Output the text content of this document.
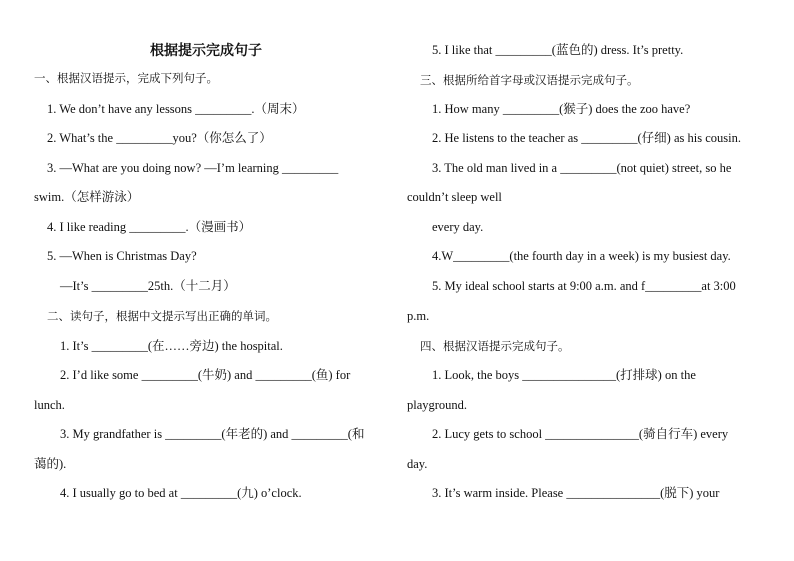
根据提示完成句子
一、根据汉语提示，完成下列句子。
1. We don’t have any lessons _________.（周末）
2. What’s the _________you?（你怎么了）
3. —What are you doing now? —I’m learning _________
swim.（怎样游泳）
4. I like reading _________.（漫画书）
5. —When is Christmas Day?
—It’s _________25th.（十二月）
二、读句子，根据中文提示写出正确的单词。
1. It’s _________(在……旁边) the hospital.
2. I’d like some _________(牛奶) and _________(鱼) for
lunch.
3. My grandfather is _________(年老的) and _________(和
蔼的).
4. I usually go to bed at _________(九) o’clock.
5. I like that _________(蓝色的) dress. It’s pretty.
三、根据所给首字母或汉语提示完成句子。
1. How many _________(猴子) does the zoo have?
2. He listens to the teacher as _________(仔细) as his cousin.
3. The old man lived in a _________(not quiet) street, so he
couldn’t sleep well
every day.
4.W_________(the fourth day in a week) is my busiest day.
5. My ideal school starts at 9:00 a.m. and f_________at 3:00
p.m.
四、根据汉语提示完成句子。
1. Look, the boys _______________(打排球) on the
playground.
2. Lucy gets to school _______________(骑自行车) every
day.
3. It’s warm inside. Please _______________(脱下) your
